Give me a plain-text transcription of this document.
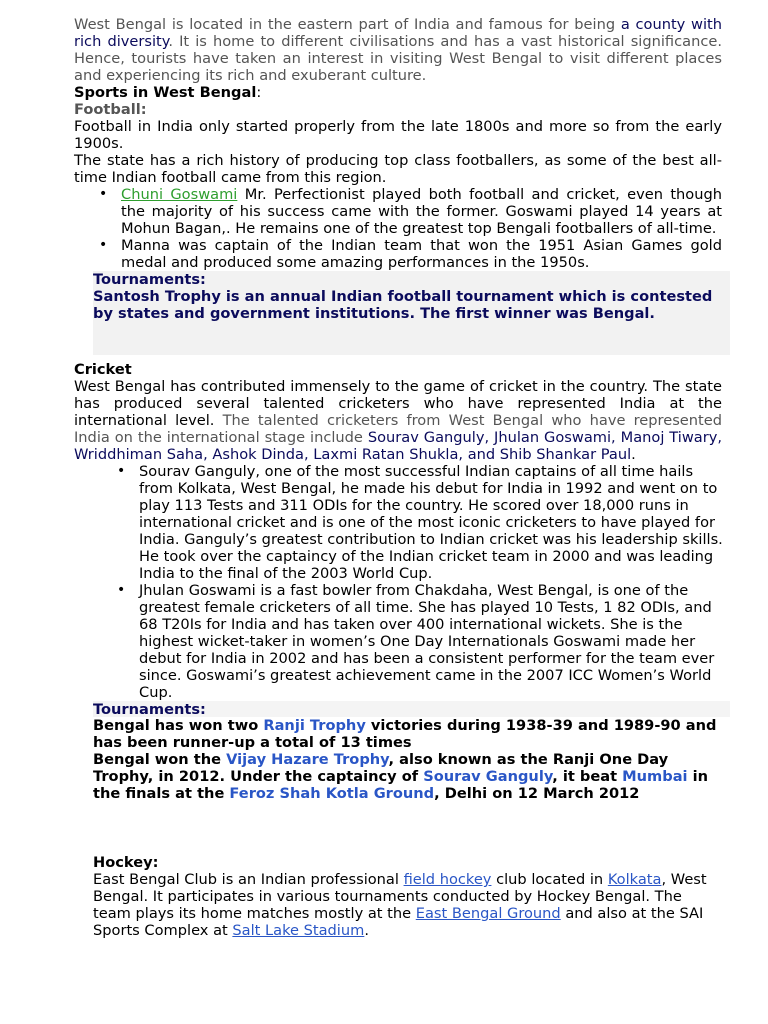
West Bengal is located in the eastern part of India and famous for being a county with rich diversity. It is home to different civilisations and has a vast historical significance. Hence, tourists have taken an interest in visiting West Bengal to visit different places and experiencing its rich and exuberant culture.

Sports in West Bengal:

Football:

Football in India only started properly from the late 1800s and more so from the early 1900s.

The state has a rich history of producing top class footballers, as some of the best all-time Indian football came from this region.

• Chuni Goswami Mr. Perfectionist played both football and cricket, even though the majority of his success came with the former. Goswami played 14 years at Mohun Bagan,. He remains one of the greatest top Bengali footballers of all-time.
• Manna was captain of the Indian team that won the 1951 Asian Games gold medal and produced some amazing performances in the 1950s.

Tournaments:

Santosh Trophy is an annual Indian football tournament which is contested by states and government institutions. The first winner was Bengal.

Cricket

West Bengal has contributed immensely to the game of cricket in the country. The state has produced several talented cricketers who have represented India at the international level. The talented cricketers from West Bengal who have represented India on the international stage include Sourav Ganguly, Jhulan Goswami, Manoj Tiwary, Wriddhiman Saha, Ashok Dinda, Laxmi Ratan Shukla, and Shib Shankar Paul.

• Sourav Ganguly, one of the most successful Indian captains of all time hails from Kolkata, West Bengal, he made his debut for India in 1992 and went on to play 113 Tests and 311 ODIs for the country. He scored over 18,000 runs in international cricket and is one of the most iconic cricketers to have played for India. Ganguly’s greatest contribution to Indian cricket was his leadership skills. He took over the captaincy of the Indian cricket team in 2000 and was leading India to the final of the 2003 World Cup.
• Jhulan Goswami is a fast bowler from Chakdaha, West Bengal, is one of the greatest female cricketers of all time. She has played 10 Tests, 1 82 ODIs, and 68 T20Is for India and has taken over 400 international wickets. She is the highest wicket-taker in women’s One Day Internationals Goswami made her debut for India in 2002 and has been a consistent performer for the team ever since. Goswami’s greatest achievement came in the 2007 ICC Women’s World Cup.

Tournaments:

Bengal has won two Ranji Trophy victories during 1938-39 and 1989-90 and has been runner-up a total of 13 times

Bengal won the Vijay Hazare Trophy, also known as the Ranji One Day Trophy, in 2012. Under the captaincy of Sourav Ganguly, it beat Mumbai in the finals at the Feroz Shah Kotla Ground, Delhi on 12 March 2012

Hockey:

East Bengal Club is an Indian professional field hockey club located in Kolkata, West Bengal. It participates in various tournaments conducted by Hockey Bengal. The team plays its home matches mostly at the East Bengal Ground and also at the SAI Sports Complex at Salt Lake Stadium.
